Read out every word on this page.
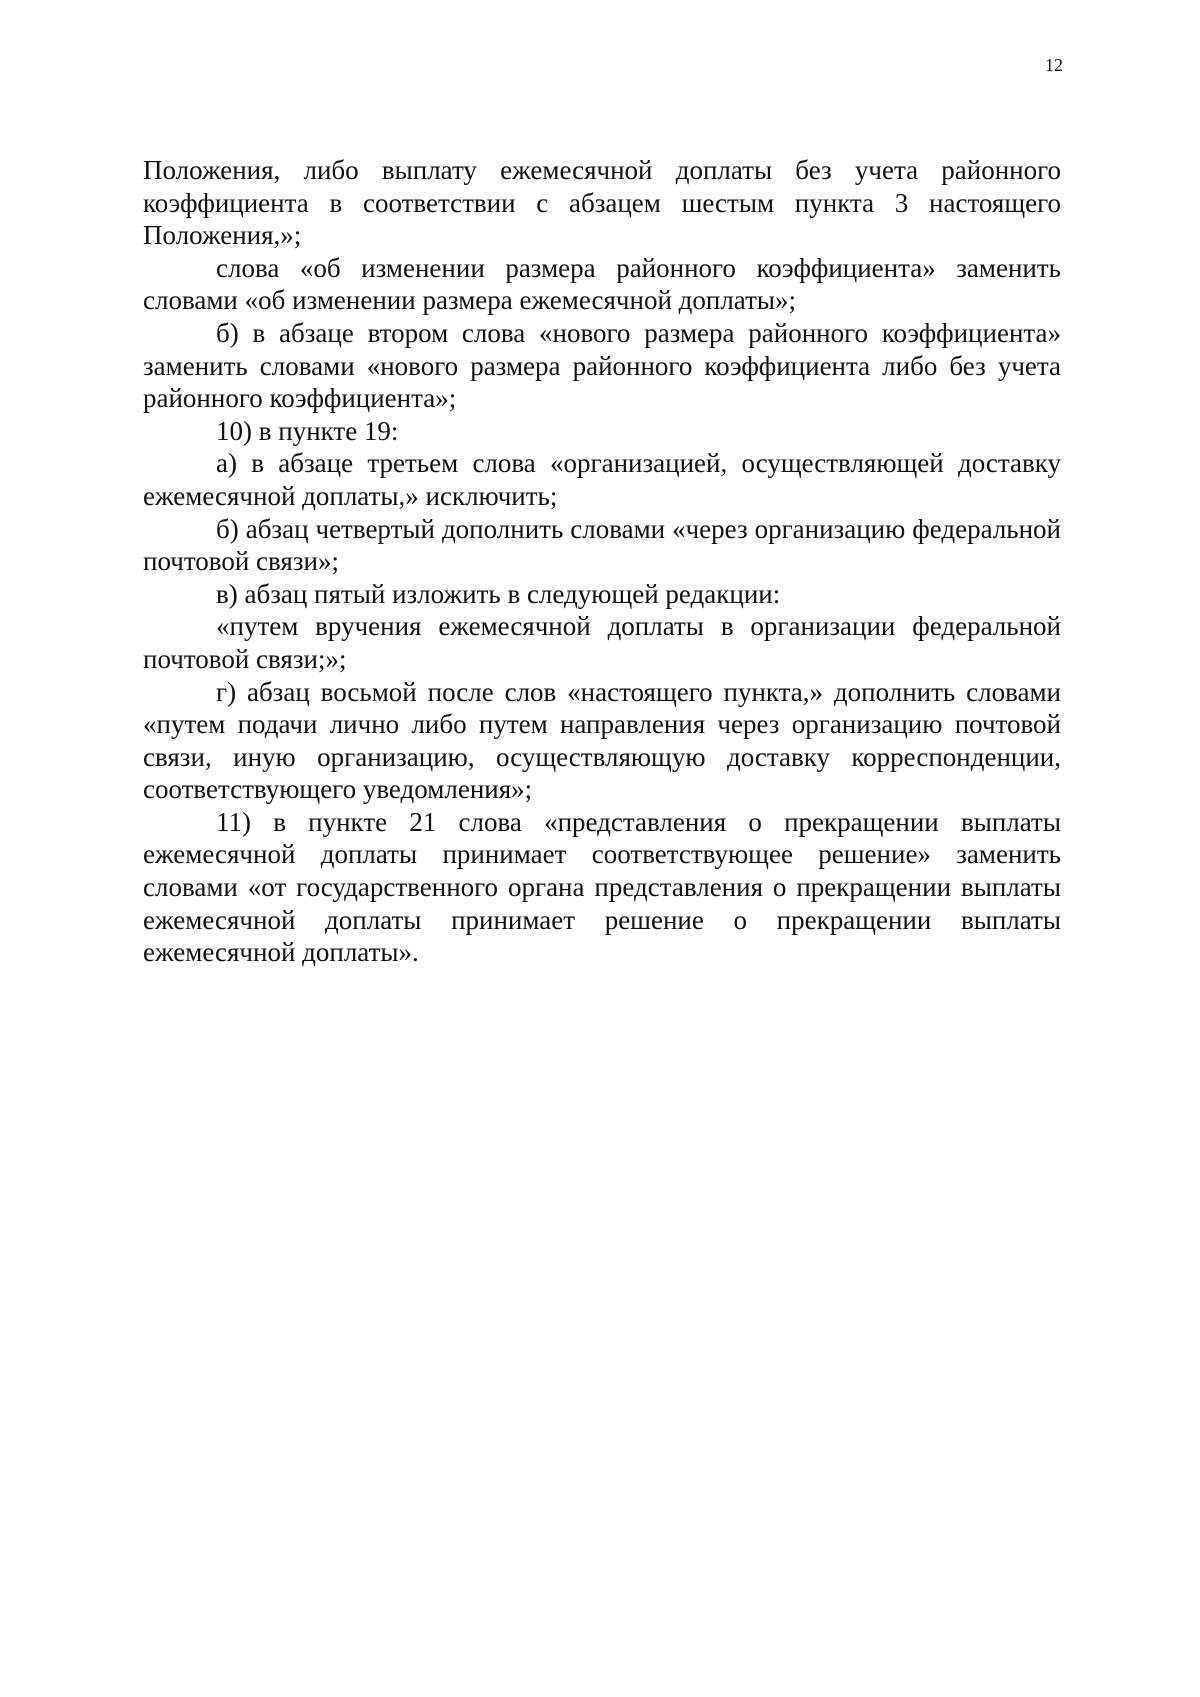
12

Положения, либо выплату ежемесячной доплаты без учета районного коэффициента в соответствии с абзацем шестым пункта 3 настоящего Положения,»;

слова «об изменении размера районного коэффициента» заменить словами «об изменении размера ежемесячной доплаты»;

б) в абзаце втором слова «нового размера районного коэффициента» заменить словами «нового размера районного коэффициента либо без учета районного коэффициента»;

10) в пункте 19:

а) в абзаце третьем слова «организацией, осуществляющей доставку ежемесячной доплаты,» исключить;

б) абзац четвертый дополнить словами «через организацию федеральной почтовой связи»;

в) абзац пятый изложить в следующей редакции:

«путем вручения ежемесячной доплаты в организации федеральной почтовой связи;»;

г) абзац восьмой после слов «настоящего пункта,» дополнить словами «путем подачи лично либо путем направления через организацию почтовой связи, иную организацию, осуществляющую доставку корреспонденции, соответствующего уведомления»;

11) в пункте 21 слова «представления о прекращении выплаты ежемесячной доплаты принимает соответствующее решение» заменить словами «от государственного органа представления о прекращении выплаты ежемесячной доплаты принимает решение о прекращении выплаты ежемесячной доплаты».
